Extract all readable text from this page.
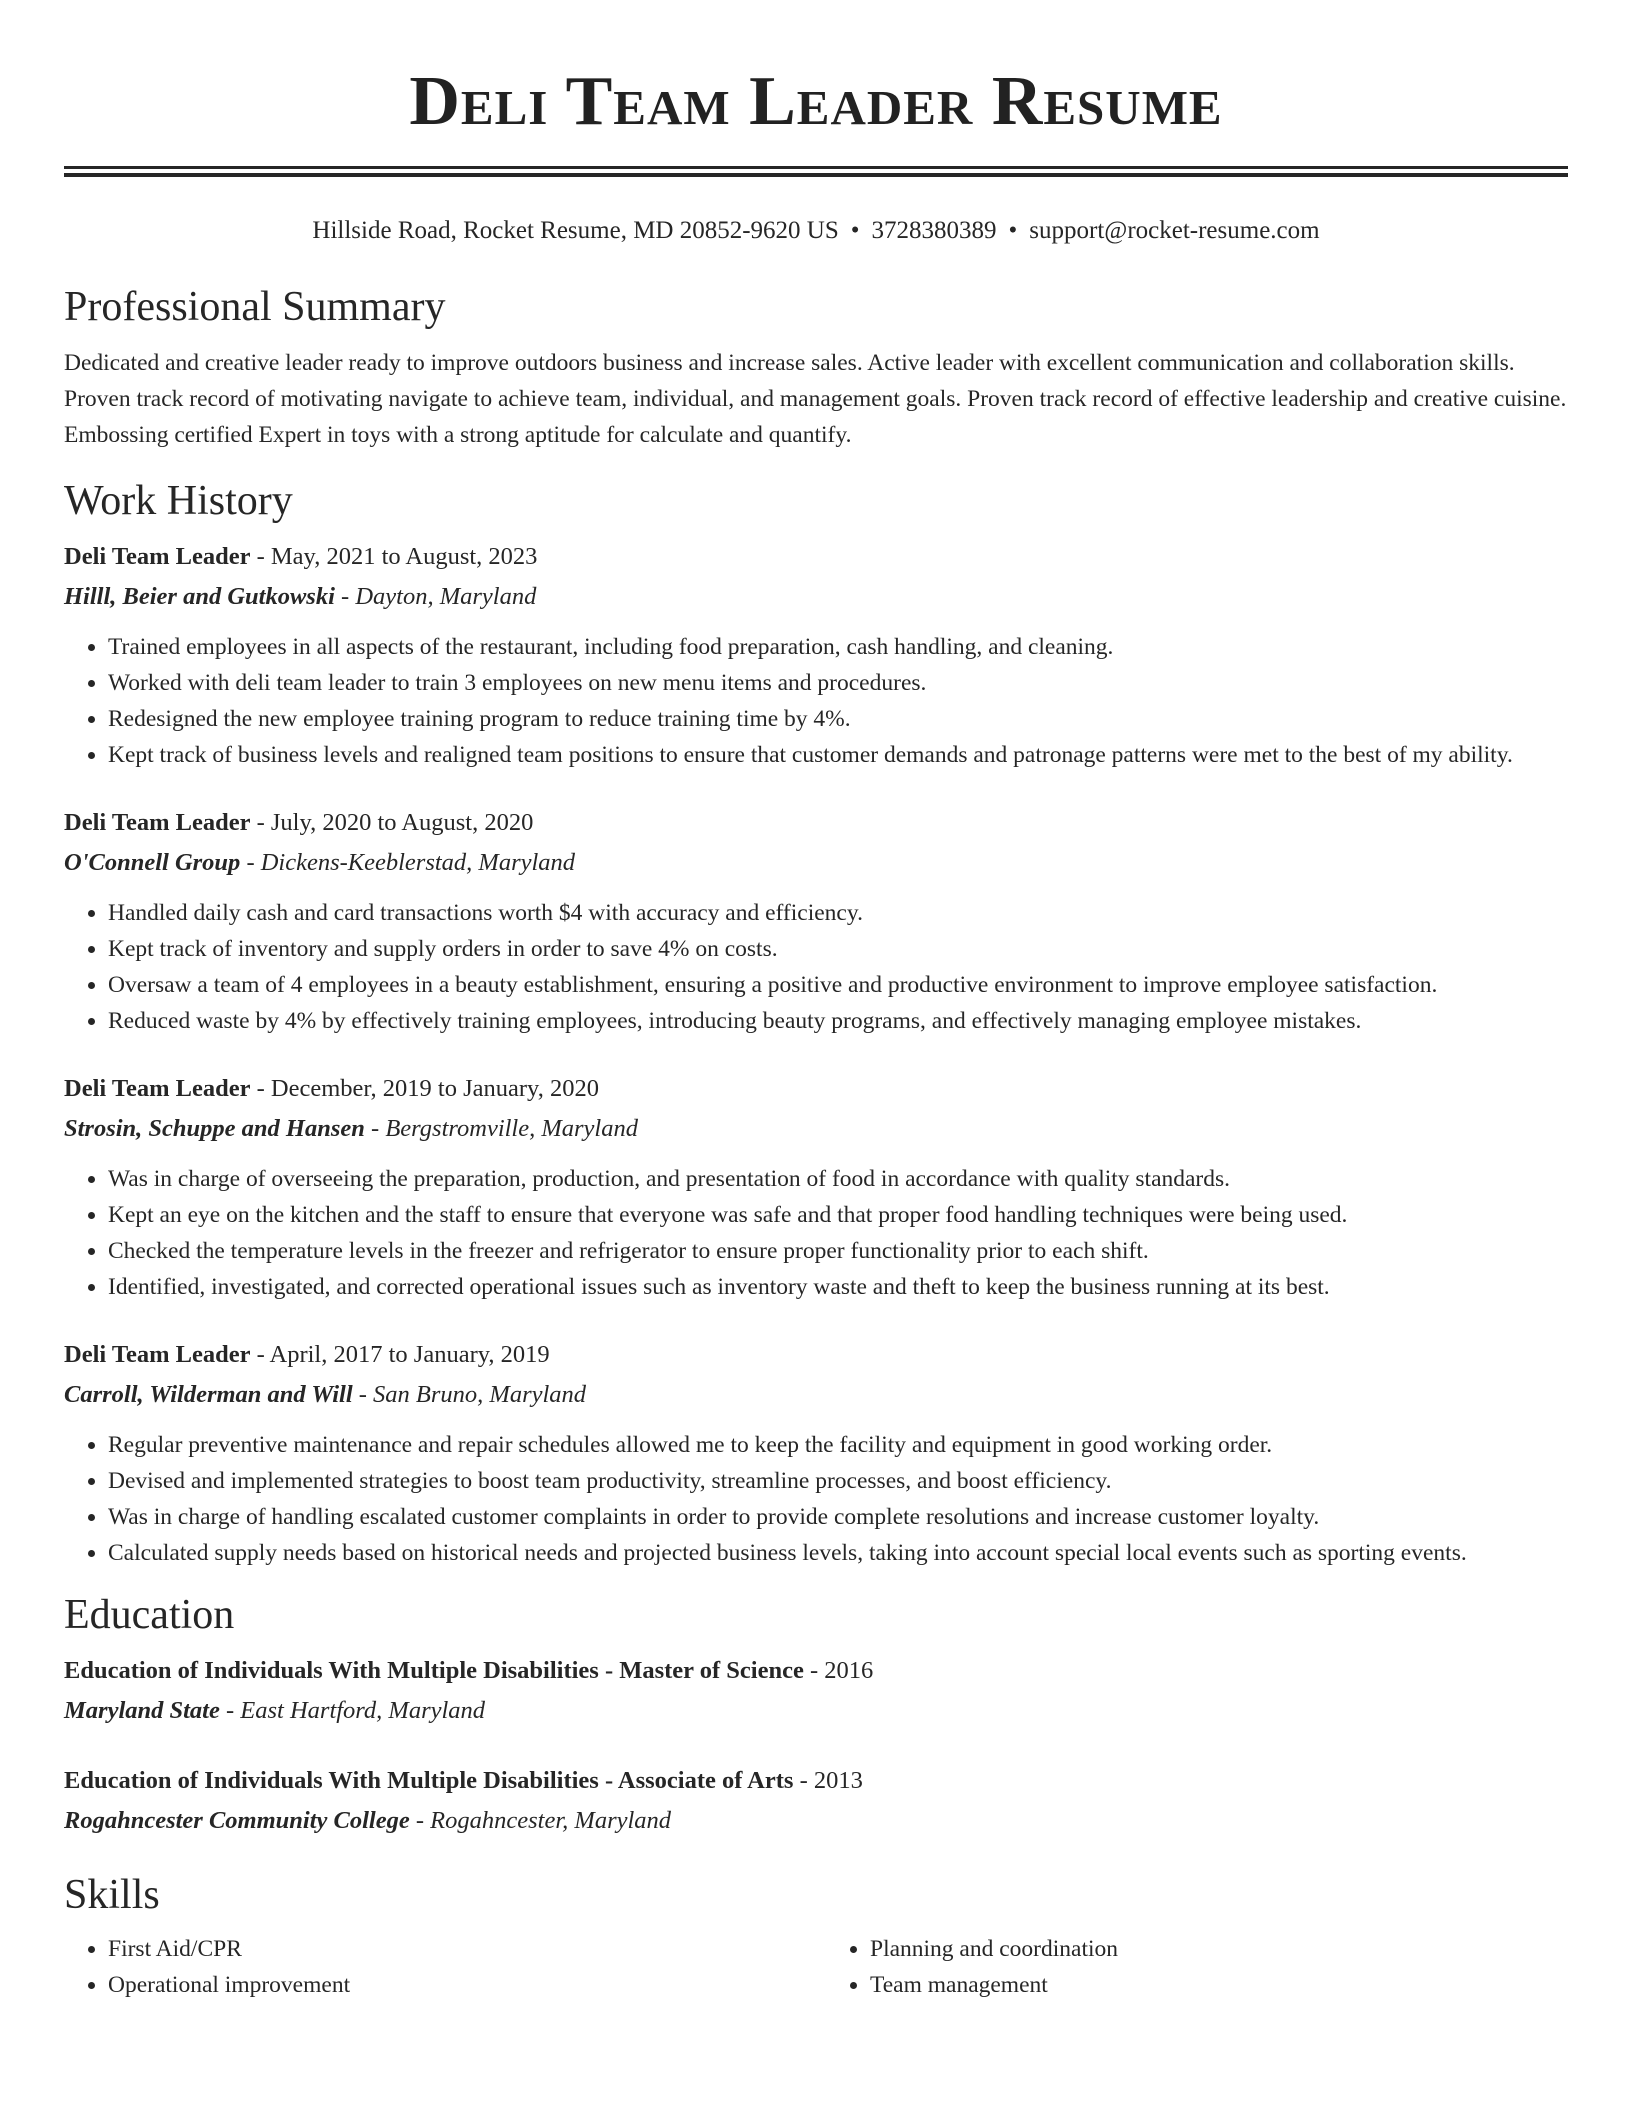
Deli Team Leader Resume
Hillside Road, Rocket Resume, MD 20852-9620 US • 3728380389 • support@rocket-resume.com
Professional Summary

Dedicated and creative leader ready to improve outdoors business and increase sales. Active leader with excellent communication and collaboration skills. Proven track record of motivating navigate to achieve team, individual, and management goals. Proven track record of effective leadership and creative cuisine. Embossing certified Expert in toys with a strong aptitude for calculate and quantify.

Work History
Deli Team Leader - May, 2021 to August, 2023
Hilll, Beier and Gutkowski - Dayton, Maryland
• Trained employees in all aspects of the restaurant, including food preparation, cash handling, and cleaning.
• Worked with deli team leader to train 3 employees on new menu items and procedures.
• Redesigned the new employee training program to reduce training time by 4%.
• Kept track of business levels and realigned team positions to ensure that customer demands and patronage patterns were met to the best of my ability.
Deli Team Leader - July, 2020 to August, 2020
O'Connell Group - Dickens-Keeblerstad, Maryland
• Handled daily cash and card transactions worth $4 with accuracy and efficiency.
• Kept track of inventory and supply orders in order to save 4% on costs.
• Oversaw a team of 4 employees in a beauty establishment, ensuring a positive and productive environment to improve employee satisfaction.
• Reduced waste by 4% by effectively training employees, introducing beauty programs, and effectively managing employee mistakes.
Deli Team Leader - December, 2019 to January, 2020
Strosin, Schuppe and Hansen - Bergstromville, Maryland
• Was in charge of overseeing the preparation, production, and presentation of food in accordance with quality standards.
• Kept an eye on the kitchen and the staff to ensure that everyone was safe and that proper food handling techniques were being used.
• Checked the temperature levels in the freezer and refrigerator to ensure proper functionality prior to each shift.
• Identified, investigated, and corrected operational issues such as inventory waste and theft to keep the business running at its best.
Deli Team Leader - April, 2017 to January, 2019
Carroll, Wilderman and Will - San Bruno, Maryland
• Regular preventive maintenance and repair schedules allowed me to keep the facility and equipment in good working order.
• Devised and implemented strategies to boost team productivity, streamline processes, and boost efficiency.
• Was in charge of handling escalated customer complaints in order to provide complete resolutions and increase customer loyalty.
• Calculated supply needs based on historical needs and projected business levels, taking into account special local events such as sporting events.
Education
Education of Individuals With Multiple Disabilities - Master of Science - 2016
Maryland State - East Hartford, Maryland
Education of Individuals With Multiple Disabilities - Associate of Arts - 2013
Rogahncester Community College - Rogahncester, Maryland
Skills
• First Aid/CPR
• Operational improvement
• Planning and coordination
• Team management
